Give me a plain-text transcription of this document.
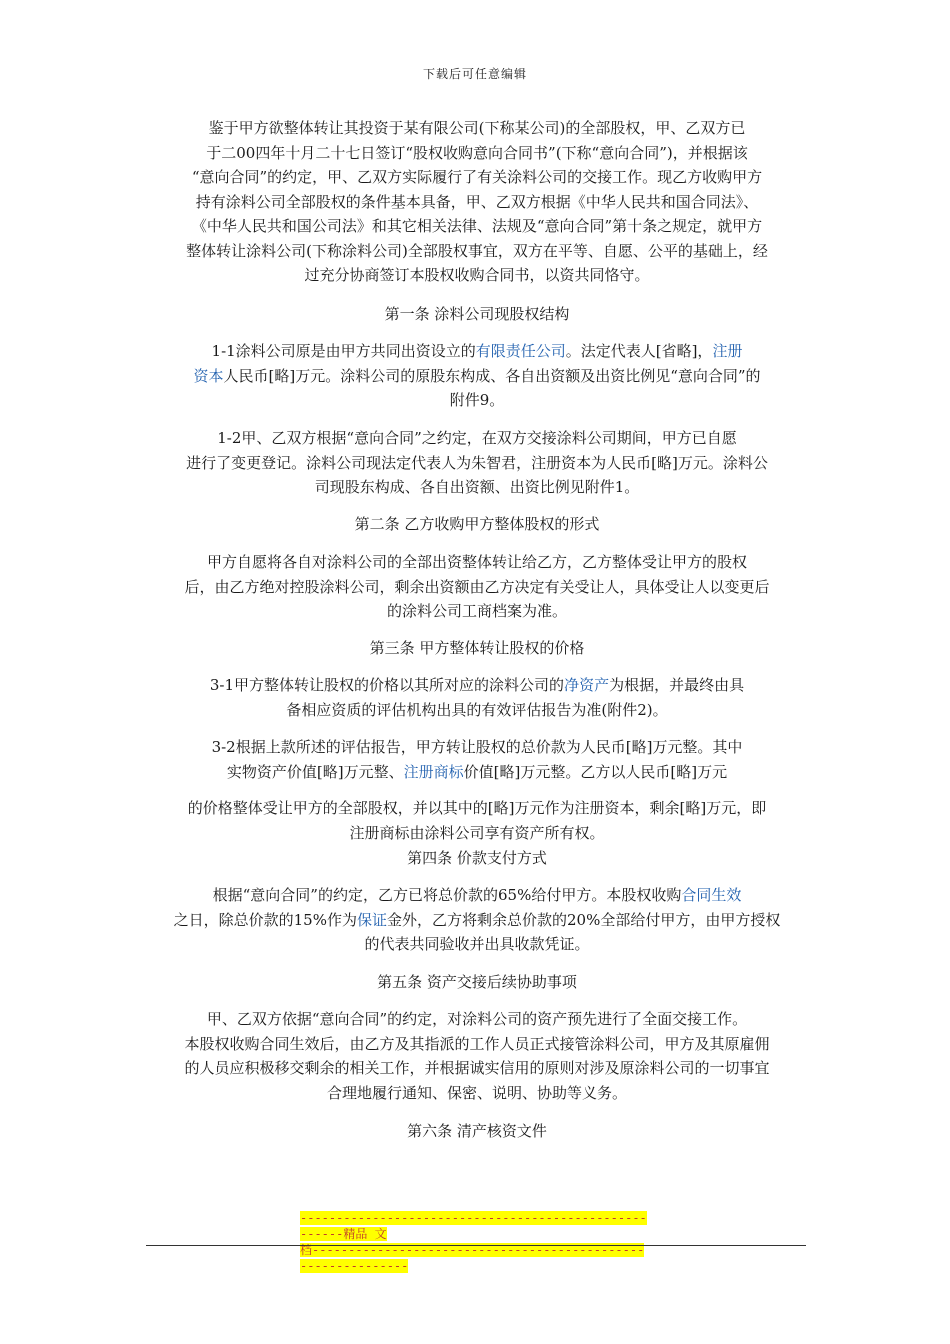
下载后可任意编辑
鉴于甲方欲整体转让其投资于某有限公司(下称某公司)的全部股权，甲、乙双方已
于二00四年十月二十七日签订“股权收购意向合同书”(下称“意向合同”)，并根据该
“意向合同”的约定，甲、乙双方实际履行了有关涂料公司的交接工作。现乙方收购甲方
持有涂料公司全部股权的条件基本具备，甲、乙双方根据《中华人民共和国合同法》、
《中华人民共和国公司法》和其它相关法律、法规及“意向合同”第十条之规定，就甲方
整体转让涂料公司(下称涂料公司)全部股权事宜，双方在平等、自愿、公平的基础上，经
过充分协商签订本股权收购合同书，以资共同恪守。
第一条 涂料公司现股权结构
1-1涂料公司原是由甲方共同出资设立的有限责任公司。法定代表人[省略]，注册
资本人民币[略]万元。涂料公司的原股东构成、各自出资额及出资比例见“意向合同”的
附件9。
1-2甲、乙双方根据“意向合同”之约定，在双方交接涂料公司期间，甲方已自愿
进行了变更登记。涂料公司现法定代表人为朱智君，注册资本为人民币[略]万元。涂料公
司现股东构成、各自出资额、出资比例见附件1。
第二条 乙方收购甲方整体股权的形式
甲方自愿将各自对涂料公司的全部出资整体转让给乙方，乙方整体受让甲方的股权
后，由乙方绝对控股涂料公司，剩余出资额由乙方决定有关受让人，具体受让人以变更后
的涂料公司工商档案为准。
第三条 甲方整体转让股权的价格
3-1甲方整体转让股权的价格以其所对应的涂料公司的净资产为根据，并最终由具
备相应资质的评估机构出具的有效评估报告为准(附件2)。
3-2根据上款所述的评估报告，甲方转让股权的总价款为人民币[略]万元整。其中
实物资产价值[略]万元整、注册商标价值[略]万元整。乙方以人民币[略]万元
的价格整体受让甲方的全部股权，并以其中的[略]万元作为注册资本，剩余[略]万元，即
注册商标由涂料公司享有资产所有权。
第四条 价款支付方式
根据“意向合同”的约定，乙方已将总价款的65%给付甲方。本股权收购合同生效
之日，除总价款的15%作为保证金外，乙方将剩余总价款的20%全部给付甲方，由甲方授权
的代表共同验收并出具收款凭证。
第五条 资产交接后续协助事项
甲、乙双方依据“意向合同”的约定，对涂料公司的资产预先进行了全面交接工作。
本股权收购合同生效后，由乙方及其指派的工作人员正式接管涂料公司，甲方及其原雇佣
的人员应积极移交剩余的相关工作，并根据诚实信用的原则对涉及原涂料公司的一切事宜
合理地履行通知、保密、说明、协助等义务。
第六条 清产核资文件
------------------------------------------------------精品 文
档-------------------------------------------------------------
